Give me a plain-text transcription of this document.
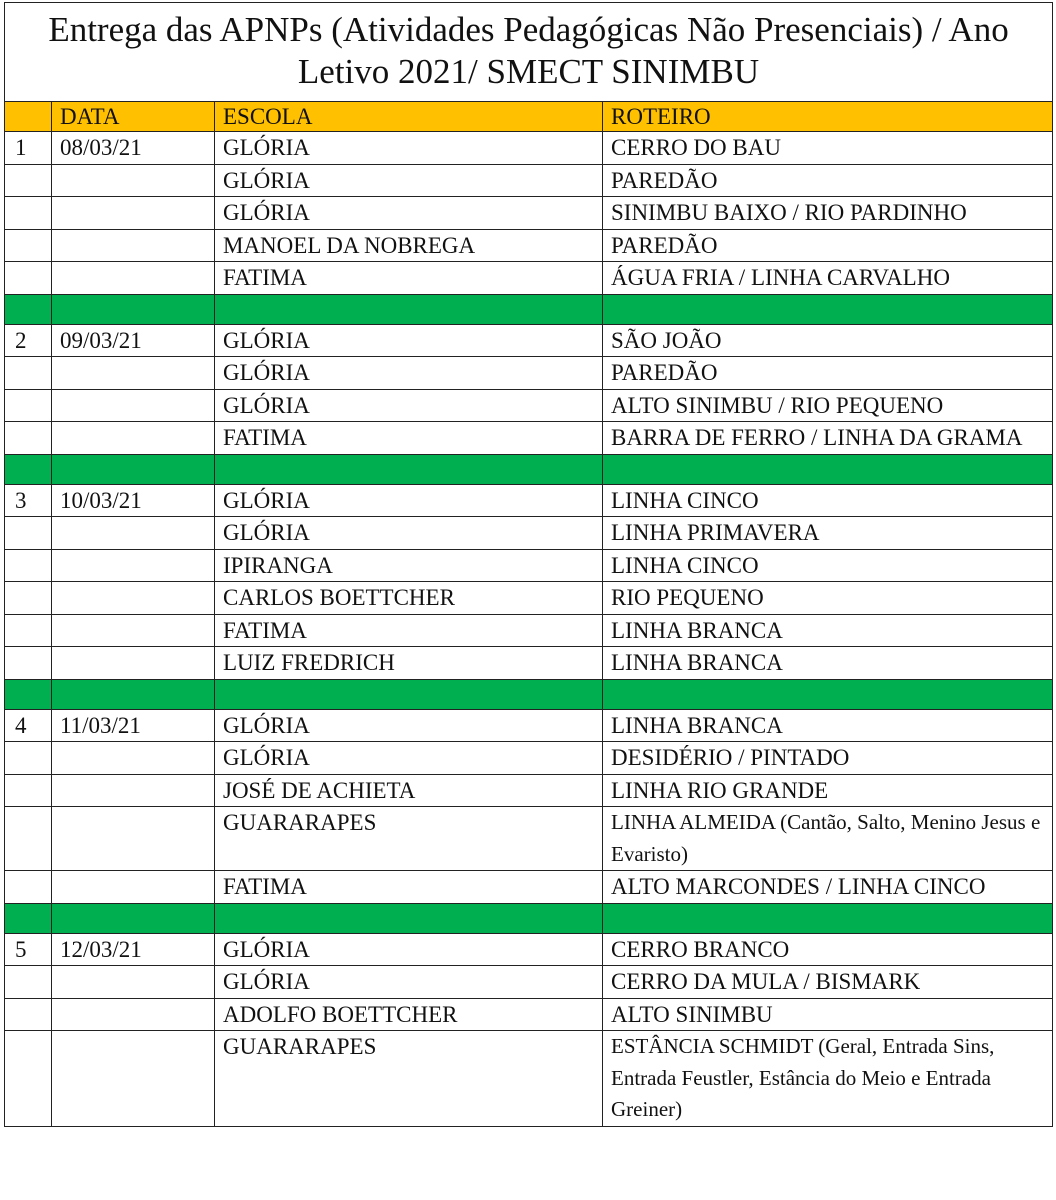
Entrega das APNPs (Atividades Pedagógicas Não Presenciais) / Ano Letivo 2021/ SMECT SINIMBU			
	DATA	ESCOLA	ROTEIRO
1	08/03/21	GLÓRIA	CERRO DO BAU
		GLÓRIA	PAREDÃO
		GLÓRIA	SINIMBU BAIXO / RIO PARDINHO
		MANOEL DA NOBREGA	PAREDÃO
		FATIMA	ÁGUA FRIA / LINHA CARVALHO

2	09/03/21	GLÓRIA	SÃO JOÃO
		GLÓRIA	PAREDÃO
		GLÓRIA	ALTO SINIMBU / RIO PEQUENO
		FATIMA	BARRA DE FERRO / LINHA DA GRAMA

3	10/03/21	GLÓRIA	LINHA CINCO
		GLÓRIA	LINHA PRIMAVERA
		IPIRANGA	LINHA CINCO
		CARLOS BOETTCHER	RIO PEQUENO
		FATIMA	LINHA BRANCA
		LUIZ FREDRICH	LINHA BRANCA

4	11/03/21	GLÓRIA	LINHA BRANCA
		GLÓRIA	DESIDÉRIO / PINTADO
		JOSÉ DE ACHIETA	LINHA RIO GRANDE
		GUARARAPES	LINHA ALMEIDA (Cantão, Salto, Menino Jesus e Evaristo)
		FATIMA	ALTO MARCONDES / LINHA CINCO

5	12/03/21	GLÓRIA	CERRO BRANCO
		GLÓRIA	CERRO DA MULA / BISMARK
		ADOLFO BOETTCHER	ALTO SINIMBU
		GUARARAPES	ESTÂNCIA SCHMIDT (Geral, Entrada Sins, Entrada Feustler, Estância do Meio e Entrada Greiner)
